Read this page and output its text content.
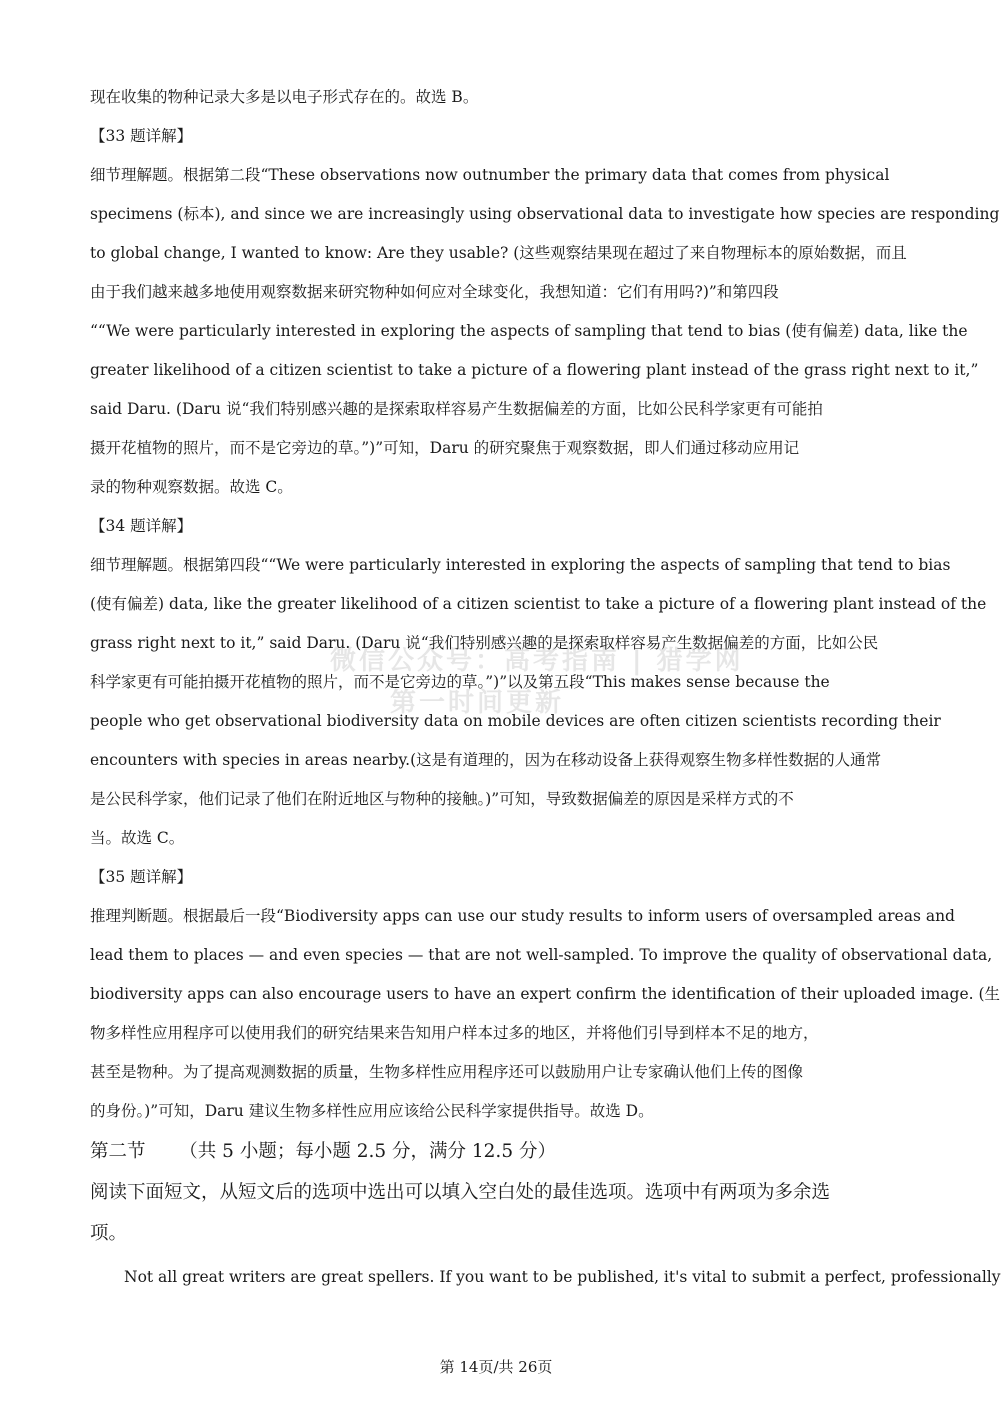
现在收集的物种记录大多是以电子形式存在的。故选 B。
【33 题详解】
细节理解题。根据第二段“These observations now outnumber the primary data that comes from physical
specimens (标本), and since we are increasingly using observational data to investigate how species are responding
to global change, I wanted to know: Are they usable? (这些观察结果现在超过了来自物理标本的原始数据，而且
由于我们越来越多地使用观察数据来研究物种如何应对全球变化，我想知道：它们有用吗?)”和第四段
““We were particularly interested in exploring the aspects of sampling that tend to bias (使有偏差) data, like the
greater likelihood of a citizen scientist to take a picture of a flowering plant instead of the grass right next to it,”
said Daru. (Daru 说“我们特别感兴趣的是探索取样容易产生数据偏差的方面，比如公民科学家更有可能拍
摄开花植物的照片，而不是它旁边的草。”)”可知，Daru 的研究聚焦于观察数据，即人们通过移动应用记
录的物种观察数据。故选 C。
【34 题详解】
细节理解题。根据第四段““We were particularly interested in exploring the aspects of sampling that tend to bias
(使有偏差) data, like the greater likelihood of a citizen scientist to take a picture of a flowering plant instead of the
grass right next to it,” said Daru. (Daru 说“我们特别感兴趣的是探索取样容易产生数据偏差的方面，比如公民
科学家更有可能拍摄开花植物的照片，而不是它旁边的草。”)”以及第五段“This makes sense because the
people who get observational biodiversity data on mobile devices are often citizen scientists recording their
encounters with species in areas nearby.(这是有道理的，因为在移动设备上获得观察生物多样性数据的人通常
是公民科学家，他们记录了他们在附近地区与物种的接触。)”可知，导致数据偏差的原因是采样方式的不
当。故选 C。
【35 题详解】
推理判断题。根据最后一段“Biodiversity apps can use our study results to inform users of oversampled areas and
lead them to places — and even species — that are not well-sampled. To improve the quality of observational data,
biodiversity apps can also encourage users to have an expert confirm the identification of their uploaded image. (生
物多样性应用程序可以使用我们的研究结果来告知用户样本过多的地区，并将他们引导到样本不足的地方，
甚至是物种。为了提高观测数据的质量，生物多样性应用程序还可以鼓励用户让专家确认他们上传的图像
的身份。)”可知，Daru 建议生物多样性应用应该给公民科学家提供指导。故选 D。
第二节 （共 5 小题；每小题 2.5 分，满分 12.5 分）
阅读下面短文，从短文后的选项中选出可以填入空白处的最佳选项。选项中有两项为多余选
项。
Not all great writers are great spellers. If you want to be published, it's vital to submit a perfect, professionally
微信公众号：高考指南 | 猎学网
第一时间更新
第 14页/共 26页
